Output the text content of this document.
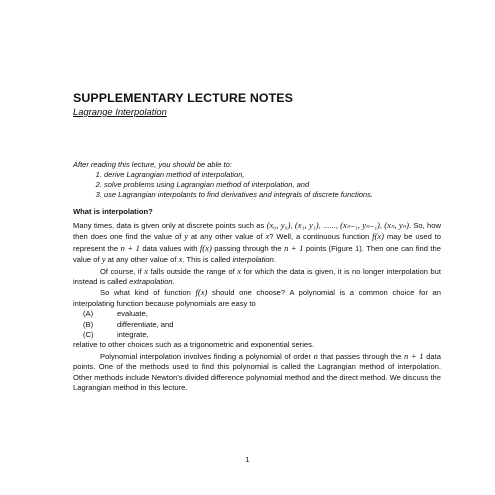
SUPPLEMENTARY LECTURE NOTES
Lagrange Interpolation
After reading this lecture, you should be able to:
1. derive Lagrangian method of interpolation,
2. solve problems using Lagrangian method of interpolation, and
3. use Lagrangian interpolants to find derivatives and integrals of discrete functions.
What is interpolation?

Many times, data is given only at discrete points such as (x₀, y₀), (x₁, y₁), ......, (xₙ₋₁, yₙ₋₁), (xₙ, yₙ). So, how then does one find the value of y at any other value of x? Well, a continuous function f(x) may be used to represent the n + 1 data values with f(x) passing through the n + 1 points (Figure 1). Then one can find the value of y at any other value of x. This is called interpolation.

Of course, if x falls outside the range of x for which the data is given, it is no longer interpolation but instead is called extrapolation.

So what kind of function f(x) should one choose? A polynomial is a common choice for an interpolating function because polynomials are easy to

(A)	evaluate,
(B)	differentiate, and
(C)	integrate,

relative to other choices such as a trigonometric and exponential series.

Polynomial interpolation involves finding a polynomial of order n that passes through the n + 1 data points. One of the methods used to find this polynomial is called the Lagrangian method of interpolation. Other methods include Newton's divided difference polynomial method and the direct method. We discuss the Lagrangian method in this lecture.

1
